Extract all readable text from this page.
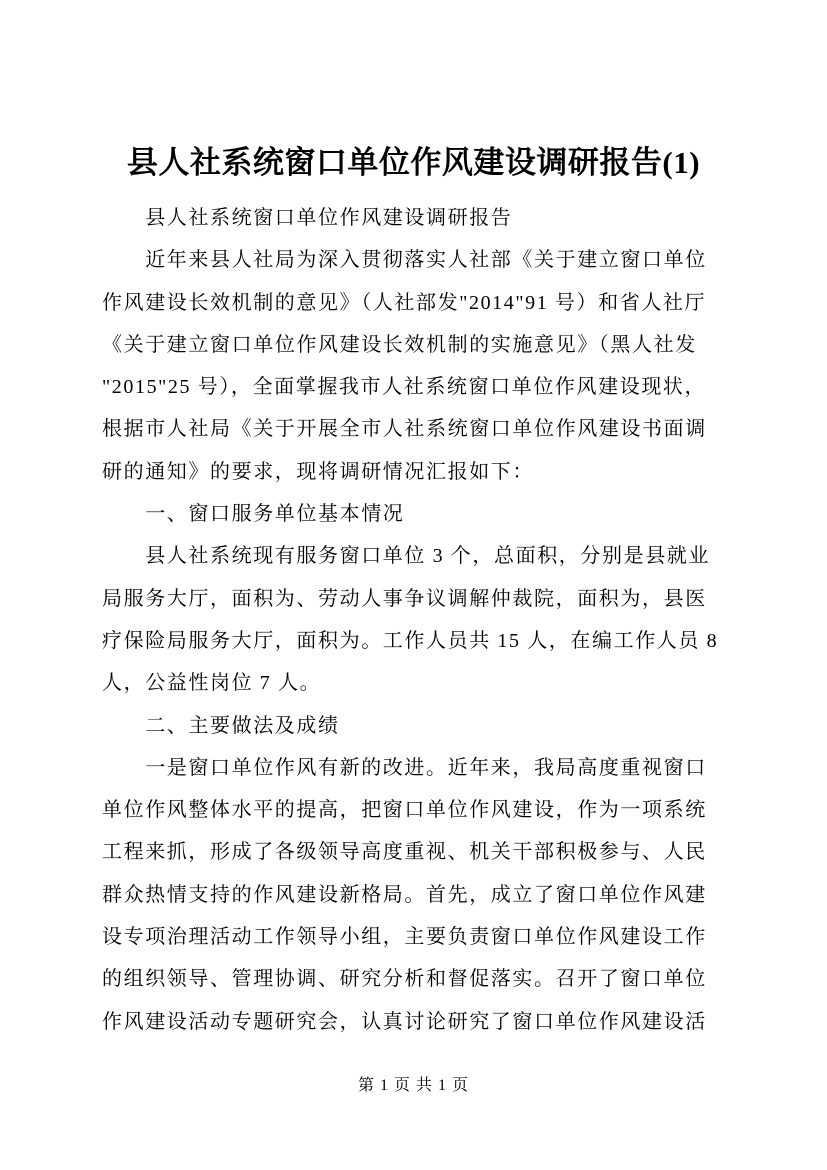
县人社系统窗口单位作风建设调研报告(1)
　　县人社系统窗口单位作风建设调研报告
　　近年来县人社局为深入贯彻落实人社部《关于建立窗口单位
作风建设长效机制的意见》（人社部发"2014"91 号）和省人社厅
《关于建立窗口单位作风建设长效机制的实施意见》（黑人社发
"2015"25 号），全面掌握我市人社系统窗口单位作风建设现状，
根据市人社局《关于开展全市人社系统窗口单位作风建设书面调
研的通知》的要求，现将调研情况汇报如下：
　　一、窗口服务单位基本情况
　　县人社系统现有服务窗口单位 3 个，总面积，分别是县就业
局服务大厅，面积为、劳动人事争议调解仲裁院，面积为，县医
疗保险局服务大厅，面积为。工作人员共 15 人，在编工作人员 8
人，公益性岗位 7 人。
　　二、主要做法及成绩
　　一是窗口单位作风有新的改进。近年来，我局高度重视窗口
单位作风整体水平的提高，把窗口单位作风建设，作为一项系统
工程来抓，形成了各级领导高度重视、机关干部积极参与、人民
群众热情支持的作风建设新格局。首先，成立了窗口单位作风建
设专项治理活动工作领导小组，主要负责窗口单位作风建设工作
的组织领导、管理协调、研究分析和督促落实。召开了窗口单位
作风建设活动专题研究会，认真讨论研究了窗口单位作风建设活
第 1 页 共 1 页
